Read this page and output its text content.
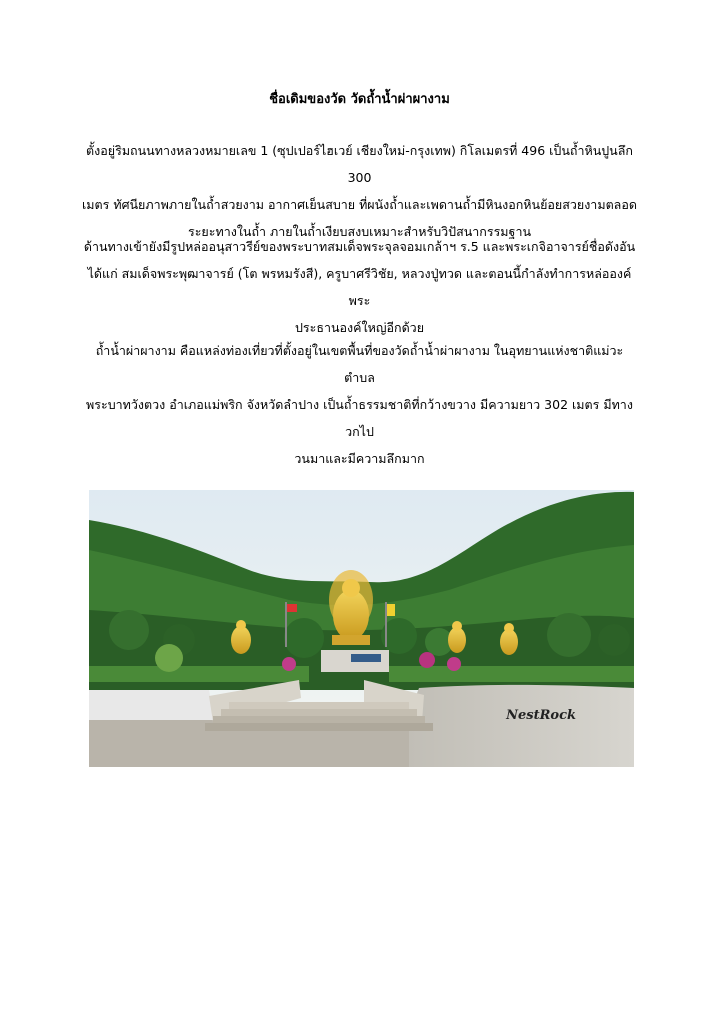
ชื่อเดิมของวัด วัดถ้ำน้ำผ่าผางาม
ตั้งอยู่ริมถนนทางหลวงหมายเลข 1 (ซุปเปอร์ไฮเวย์ เชียงใหม่-กรุงเทพ) กิโลเมตรที่ 496 เป็นถ้ำหินปูนลึก 300
เมตร ทัศนียภาพภายในถ้ำสวยงาม อากาศเย็นสบาย ที่ผนังถ้ำและเพดานถ้ำมีหินงอกหินย้อยสวยงามตลอด
ระยะทางในถ้ำ ภายในถ้ำเงียบสงบเหมาะสำหรับวิปัสนากรรมฐาน
ด้านทางเข้ายังมีรูปหล่ออนุสาวรีย์ของพระบาทสมเด็จพระจุลจอมเกล้าฯ ร.5 และพระเกจิอาจารย์ชื่อดังอัน
ได้แก่ สมเด็จพระพุฒาจารย์ (โต พรหมรังสี), ครูบาศรีวิชัย, หลวงปู่ทวด และตอนนี้กำลังทำการหล่อองค์พระ
ประธานองค์ใหญ่อีกด้วย
ถ้ำน้ำผ่าผางาม คือแหล่งท่องเที่ยวที่ตั้งอยู่ในเขตพื้นที่ของวัดถ้ำน้ำผ่าผางาม ในอุทยานแห่งชาติแม่วะ ตำบล
พระบาทวังตวง อำเภอแม่พริก จังหวัดลำปาง เป็นถ้ำธรรมชาติที่กว้างขวาง มีความยาว 302 เมตร มีทางวกไป
วนมาและมีความลึกมาก
NestRock
